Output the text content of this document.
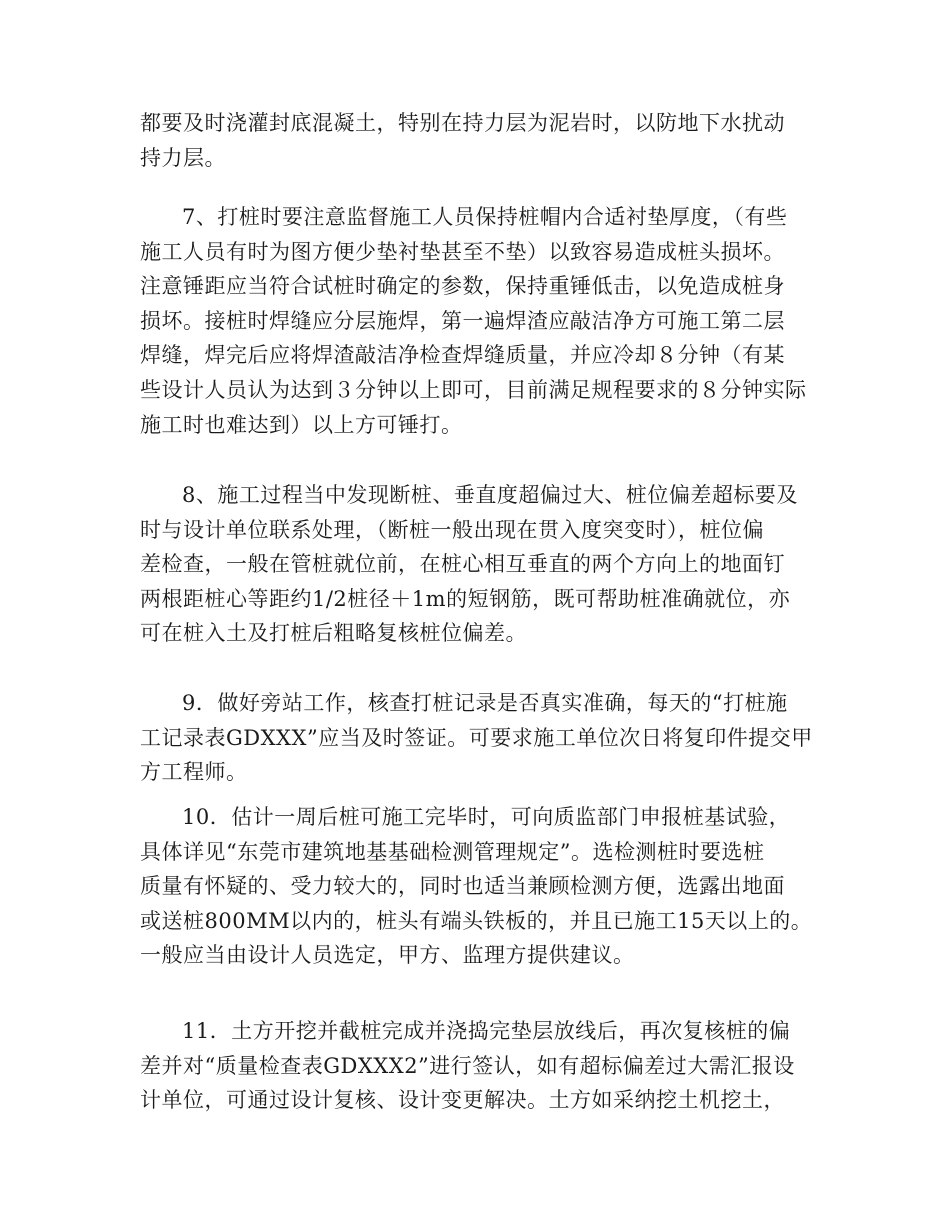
都要及时浇灌封底混凝土，特别在持力层为泥岩时，以防地下水扰动
持力层。

7、打桩时要注意监督施工人员保持桩帽内合适衬垫厚度，（有些
施工人员有时为图方便少垫衬垫甚至不垫）以致容易造成桩头损坏。
注意锤距应当符合试桩时确定的参数，保持重锤低击，以免造成桩身
损坏。接桩时焊缝应分层施焊，第一遍焊渣应敲洁净方可施工第二层
焊缝，焊完后应将焊渣敲洁净检查焊缝质量，并应冷却８分钟（有某
些设计人员认为达到３分钟以上即可，目前满足规程要求的８分钟实际
施工时也难达到）以上方可锤打。

8、施工过程当中发现断桩、垂直度超偏过大、桩位偏差超标要及
时与设计单位联系处理，（断桩一般出现在贯入度突变时），桩位偏
差检查，一般在管桩就位前，在桩心相互垂直的两个方向上的地面钉
两根距桩心等距约1/2桩径＋1m的短钢筋，既可帮助桩准确就位，亦
可在桩入土及打桩后粗略复核桩位偏差。

9．做好旁站工作，核查打桩记录是否真实准确，每天的“打桩施
工记录表GDXXX”应当及时签证。可要求施工单位次日将复印件提交甲
方工程师。

10．估计一周后桩可施工完毕时，可向质监部门申报桩基试验，
具体详见“东莞市建筑地基基础检测管理规定”。选检测桩时要选桩
质量有怀疑的、受力较大的，同时也适当兼顾检测方便，选露出地面
或送桩800MM以内的，桩头有端头铁板的，并且已施工15天以上的。
一般应当由设计人员选定，甲方、监理方提供建议。

11．土方开挖并截桩完成并浇捣完垫层放线后，再次复核桩的偏
差并对“质量检查表GDXXX2”进行签认，如有超标偏差过大需汇报设
计单位，可通过设计复核、设计变更解决。土方如采纳挖土机挖土，
